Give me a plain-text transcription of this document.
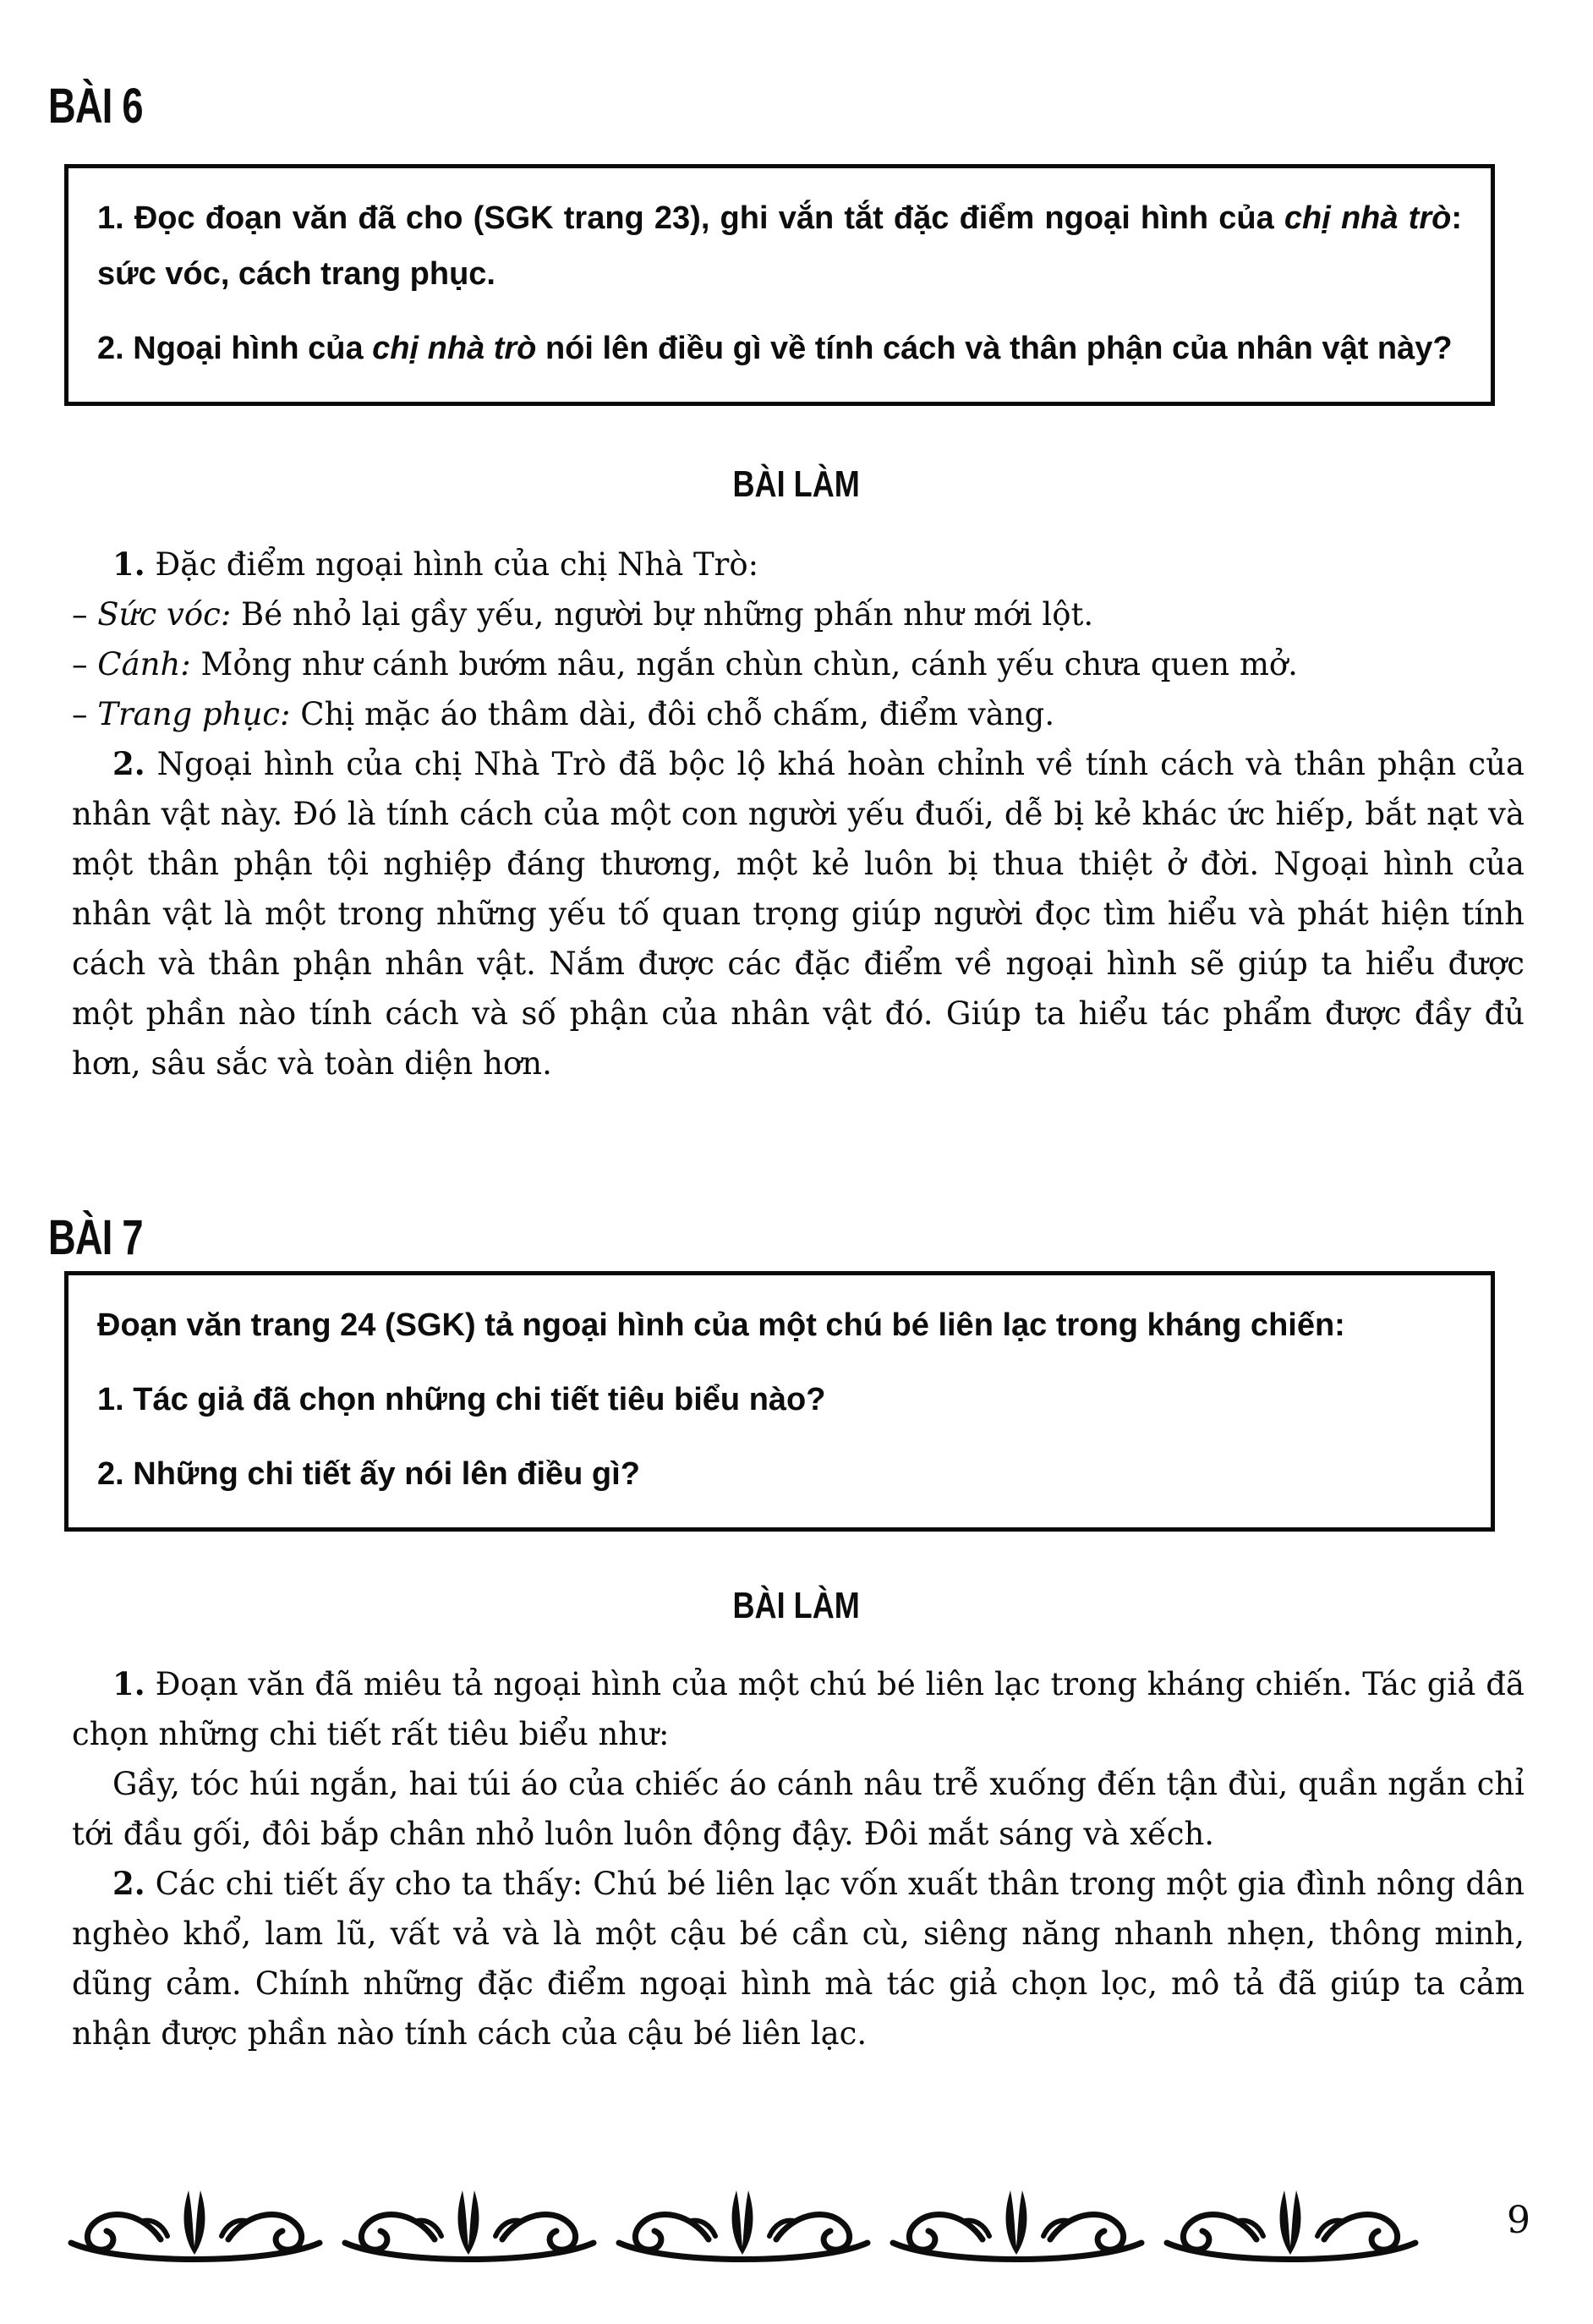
BÀI 6

1. Đọc đoạn văn đã cho (SGK trang 23), ghi vắn tắt đặc điểm ngoại hình của chị nhà trò: sức vóc, cách trang phục.

2. Ngoại hình của chị nhà trò nói lên điều gì về tính cách và thân phận của nhân vật này?

BÀI LÀM

1. Đặc điểm ngoại hình của chị Nhà Trò:

– Sức vóc: Bé nhỏ lại gầy yếu, người bự những phấn như mới lột.

– Cánh: Mỏng như cánh bướm nâu, ngắn chùn chùn, cánh yếu chưa quen mở.

– Trang phục: Chị mặc áo thâm dài, đôi chỗ chấm, điểm vàng.

2. Ngoại hình của chị Nhà Trò đã bộc lộ khá hoàn chỉnh về tính cách và thân phận của nhân vật này. Đó là tính cách của một con người yếu đuối, dễ bị kẻ khác ức hiếp, bắt nạt và một thân phận tội nghiệp đáng thương, một kẻ luôn bị thua thiệt ở đời. Ngoại hình của nhân vật là một trong những yếu tố quan trọng giúp người đọc tìm hiểu và phát hiện tính cách và thân phận nhân vật. Nắm được các đặc điểm về ngoại hình sẽ giúp ta hiểu được một phần nào tính cách và số phận của nhân vật đó. Giúp ta hiểu tác phẩm được đầy đủ hơn, sâu sắc và toàn diện hơn.

BÀI 7

Đoạn văn trang 24 (SGK) tả ngoại hình của một chú bé liên lạc trong kháng chiến:

1. Tác giả đã chọn những chi tiết tiêu biểu nào?

2. Những chi tiết ấy nói lên điều gì?

BÀI LÀM

1. Đoạn văn đã miêu tả ngoại hình của một chú bé liên lạc trong kháng chiến. Tác giả đã chọn những chi tiết rất tiêu biểu như:

Gầy, tóc húi ngắn, hai túi áo của chiếc áo cánh nâu trễ xuống đến tận đùi, quần ngắn chỉ tới đầu gối, đôi bắp chân nhỏ luôn luôn động đậy. Đôi mắt sáng và xếch.

2. Các chi tiết ấy cho ta thấy: Chú bé liên lạc vốn xuất thân trong một gia đình nông dân nghèo khổ, lam lũ, vất vả và là một cậu bé cần cù, siêng năng nhanh nhẹn, thông minh, dũng cảm. Chính những đặc điểm ngoại hình mà tác giả chọn lọc, mô tả đã giúp ta cảm nhận được phần nào tính cách của cậu bé liên lạc.

9
